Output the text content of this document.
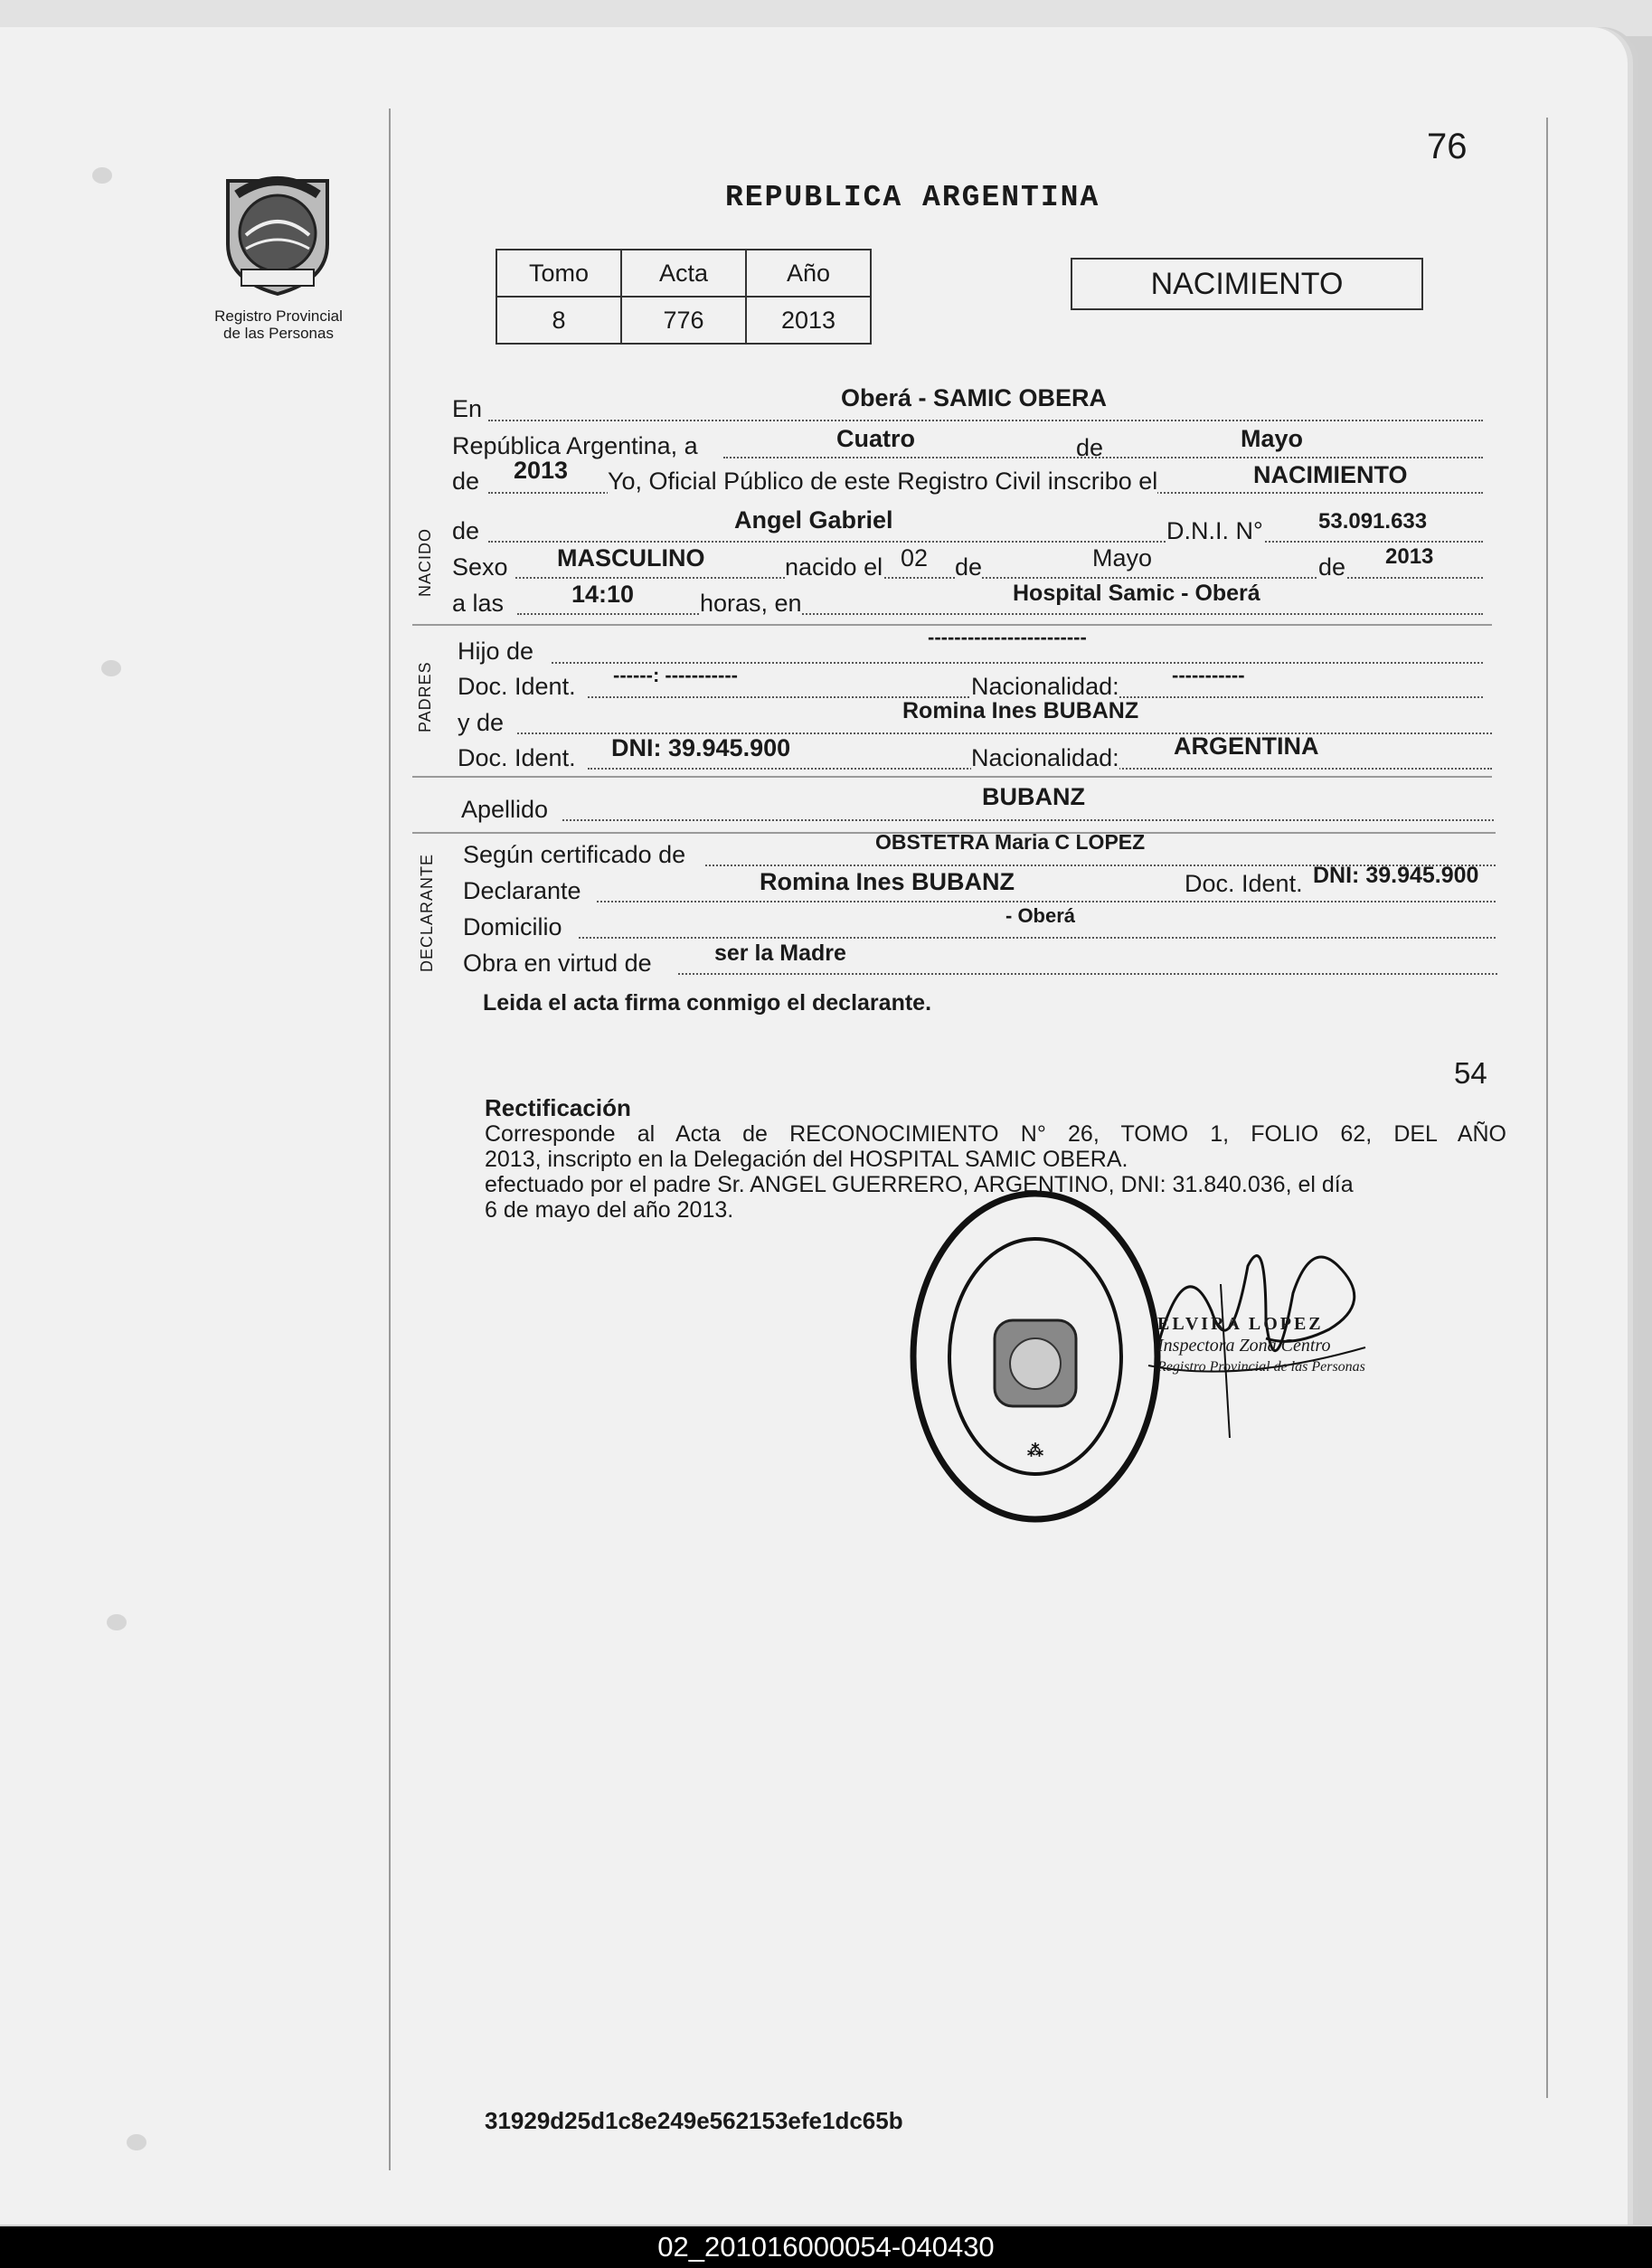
Registro Provincial
de las Personas
76
REPUBLICA ARGENTINA
Tomo	Acta	Año
8	776	2013
NACIMIENTO
En	Oberá - SAMIC OBERA
República Argentina, a	Cuatro	de	Mayo
de 2013 Yo, Oficial Público de este Registro Civil inscribo el	NACIMIENTO
NACIDO de	Angel Gabriel	D.N.I. N°	53.091.633
Sexo MASCULINO	nacido el 02 de	Mayo	de 2013
a las	14:10	horas, en	Hospital Samic - Oberá
PADRES
Hijo de
------------------------
Doc. Ident. ------: -----------	Nacionalidad:	-----------
y de	Romina Ines BUBANZ
Doc. Ident. DNI: 39.945.900	Nacionalidad: ARGENTINA
Apellido	BUBANZ
DECLARANTE Según certificado de	OBSTETRA Maria C LOPEZ
Declarante	Romina Ines BUBANZ	Doc. Ident. DNI: 39.945.900
Domicilio	- Oberá
Obra en virtud de	ser la Madre
Leida el acta firma conmigo el declarante.
54
Rectificación
Corresponde al Acta de RECONOCIMIENTO N° 26, TOMO 1, FOLIO 62, DEL AÑO
2013, inscripto en la Delegación del HOSPITAL SAMIC OBERA.
efectuado por el padre Sr. ANGEL GUERRERO, ARGENTINO, DNI: 31.840.036, el día
6 de mayo del año 2013.
⁂
ELVIRA LOPEZ
Inspectora Zona Centro
Registro Provincial de las Personas
31929d25d1c8e249e562153efe1dc65b
02_201016000054-040430
